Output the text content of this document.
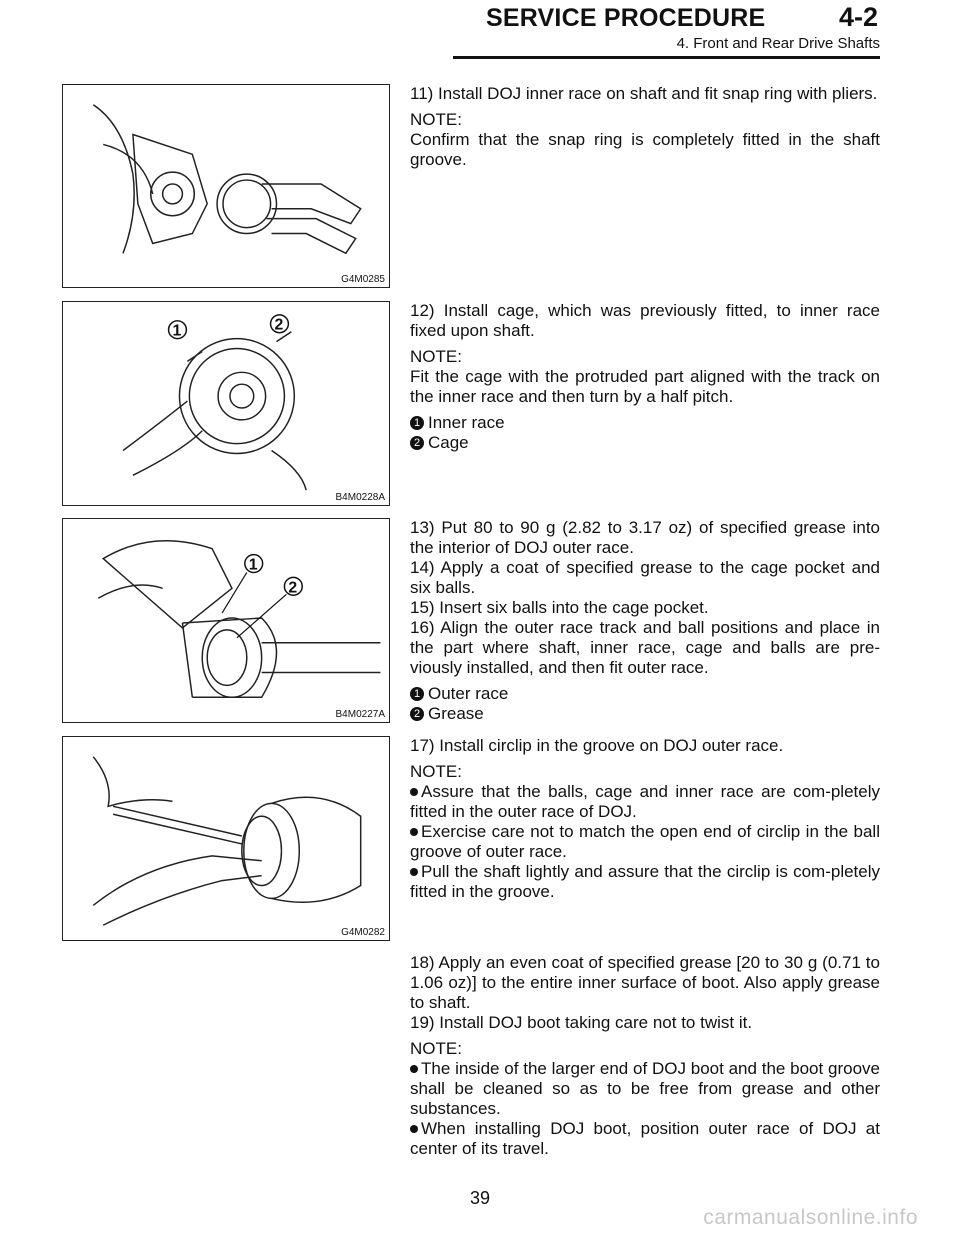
SERVICE PROCEDURE	4-2
4. Front and Rear Drive Shafts
G4M0285

11) Install DOJ inner race on shaft and fit snap ring with pliers.

NOTE:

Confirm that the snap ring is completely fitted in the shaft groove.

1	2
B4M0228A

12) Install cage, which was previously fitted, to inner race fixed upon shaft.

NOTE:

Fit the cage with the protruded part aligned with the track on the inner race and then turn by a half pitch.

1 Inner race
2 Cage
1
2
B4M0227A

13) Put 80 to 90 g (2.82 to 3.17 oz) of specified grease into the interior of DOJ outer race.

14) Apply a coat of specified grease to the cage pocket and six balls.

15) Insert six balls into the cage pocket.

16) Align the outer race track and ball positions and place in the part where shaft, inner race, cage and balls are pre-viously installed, and then fit outer race.

1 Outer race
2 Grease
G4M0282

17) Install circlip in the groove on DOJ outer race.

NOTE:

Assure that the balls, cage and inner race are com-pletely fitted in the outer race of DOJ.

Exercise care not to match the open end of circlip in the ball groove of outer race.

Pull the shaft lightly and assure that the circlip is com-pletely fitted in the groove.

18) Apply an even coat of specified grease [20 to 30 g (0.71 to 1.06 oz)] to the entire inner surface of boot. Also apply grease to shaft.

19) Install DOJ boot taking care not to twist it.

NOTE:

The inside of the larger end of DOJ boot and the boot groove shall be cleaned so as to be free from grease and other substances.

When installing DOJ boot, position outer race of DOJ at center of its travel.

39
carmanualsonline.info
